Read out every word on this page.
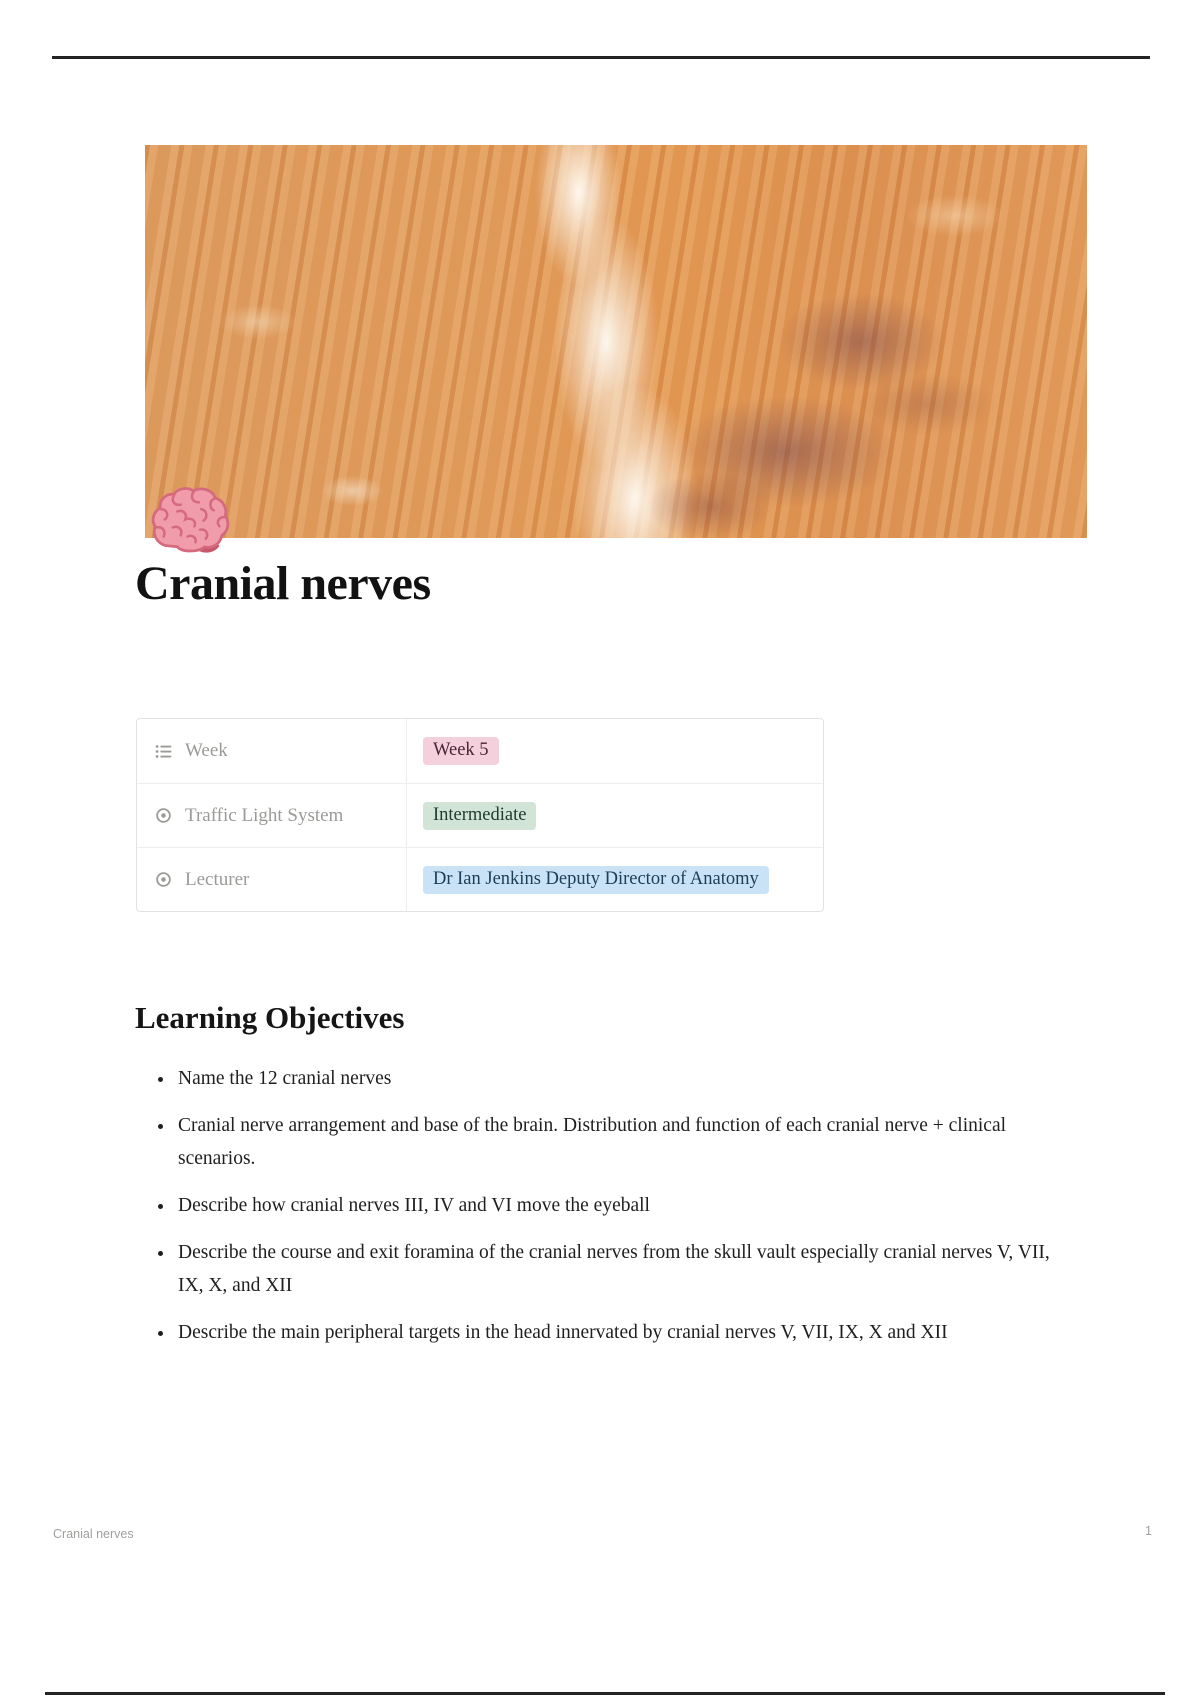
Cranial nerves
Week	Week 5
Traffic Light System	Intermediate
Lecturer	Dr Ian Jenkins Deputy Director of Anatomy
Learning Objectives
• Name the 12 cranial nerves
• Cranial nerve arrangement and base of the brain. Distribution and function of each cranial nerve + clinical scenarios.
• Describe how cranial nerves III, IV and VI move the eyeball
• Describe the course and exit foramina of the cranial nerves from the skull vault especially cranial nerves V, VII, IX, X, and XII
• Describe the main peripheral targets in the head innervated by cranial nerves V, VII, IX, X and XII
Cranial nerves	1
